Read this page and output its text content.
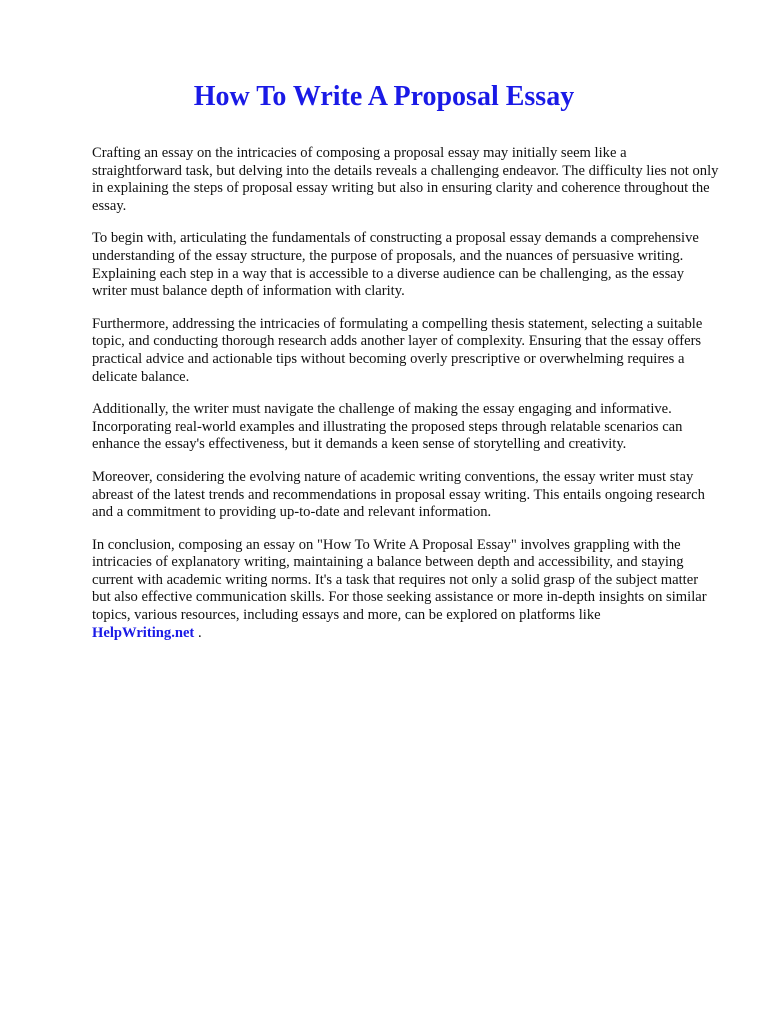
How To Write A Proposal Essay

Crafting an essay on the intricacies of composing a proposal essay may initially seem like a straightforward task, but delving into the details reveals a challenging endeavor. The difficulty lies not only in explaining the steps of proposal essay writing but also in ensuring clarity and coherence throughout the essay.

To begin with, articulating the fundamentals of constructing a proposal essay demands a comprehensive understanding of the essay structure, the purpose of proposals, and the nuances of persuasive writing. Explaining each step in a way that is accessible to a diverse audience can be challenging, as the essay writer must balance depth of information with clarity.

Furthermore, addressing the intricacies of formulating a compelling thesis statement, selecting a suitable topic, and conducting thorough research adds another layer of complexity. Ensuring that the essay offers practical advice and actionable tips without becoming overly prescriptive or overwhelming requires a delicate balance.

Additionally, the writer must navigate the challenge of making the essay engaging and informative. Incorporating real-world examples and illustrating the proposed steps through relatable scenarios can enhance the essay's effectiveness, but it demands a keen sense of storytelling and creativity.

Moreover, considering the evolving nature of academic writing conventions, the essay writer must stay abreast of the latest trends and recommendations in proposal essay writing. This entails ongoing research and a commitment to providing up-to-date and relevant information.

In conclusion, composing an essay on "How To Write A Proposal Essay" involves grappling with the intricacies of explanatory writing, maintaining a balance between depth and accessibility, and staying current with academic writing norms. It's a task that requires not only a solid grasp of the subject matter but also effective communication skills. For those seeking assistance or more in-depth insights on similar topics, various resources, including essays and more, can be explored on platforms like
HelpWriting.net .
